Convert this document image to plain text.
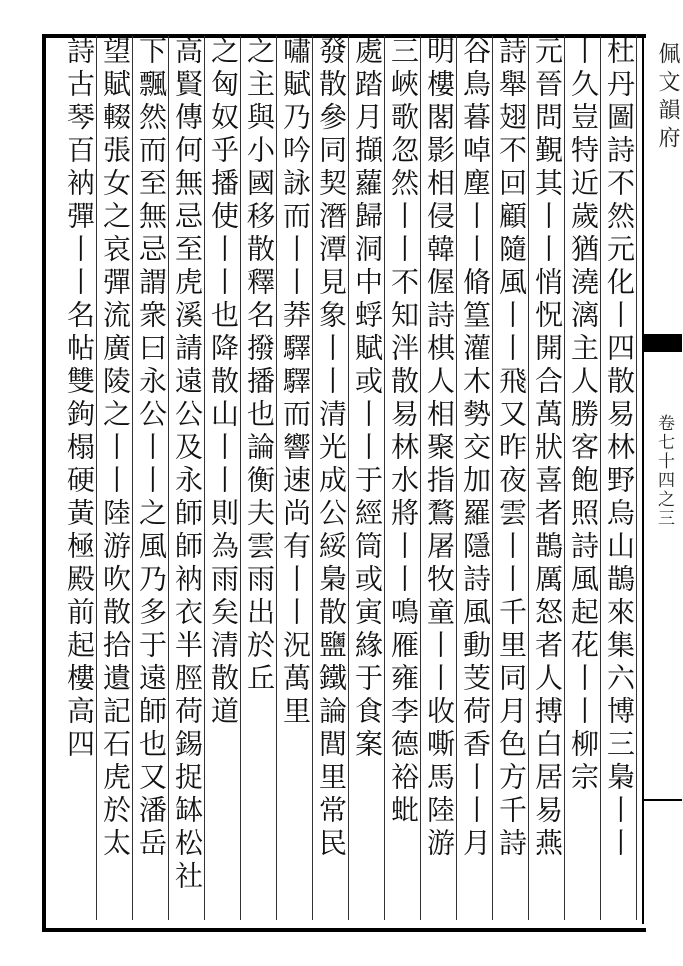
杜丹圖詩不然元化丨四散易林野烏山鵲來集六博三梟丨丨
丨久豈特近歲猶澆漓主人勝客飽照詩風起花丨丨柳宗
元晉問覲其丨丨悄怳開合萬狀喜者鵲厲怒者人搏白居易燕
詩舉翅不回顧隨風丨丨飛又昨夜雲丨丨千里同月色方千詩
谷鳥暮啅塵丨丨脩篁灌木勢交加羅隱詩風動芰荷香丨丨月
明樓閣影相侵韓偓詩棋人相聚指鶩屠牧童丨丨收嘶馬陸游
三峽歌忽然丨丨不知泮散易林水將丨丨鳴雁雍李德裕蚍
處踏月擷蘿歸洞中蜉賦或丨丨于經筒或寅緣于食案
發散參同契潛潭見象丨丨清光成公綏梟散鹽鐵論閭里常民
嘯賦乃吟詠而丨丨莽驛驛而響速尚有丨丨況萬里
之主與小國移散釋名撥播也論衡夫雲雨出於丘
之匈奴乎播使丨丨也降散山丨丨則為雨矣清散道
高賢傳何無忌至虎溪請遠公及永師師衲衣半脛荷錫捉缽松社
下飄然而至無忌謂衆曰永公丨丨之風乃多于遠師也又潘岳
望賦輟張女之哀彈流廣陵之丨丨陸游吹散拾遺記石虎於太
詩古琴百衲彈丨丨名帖雙鉤榻硬黃極殿前起樓高四	佩文韻府
卷七十四之三
